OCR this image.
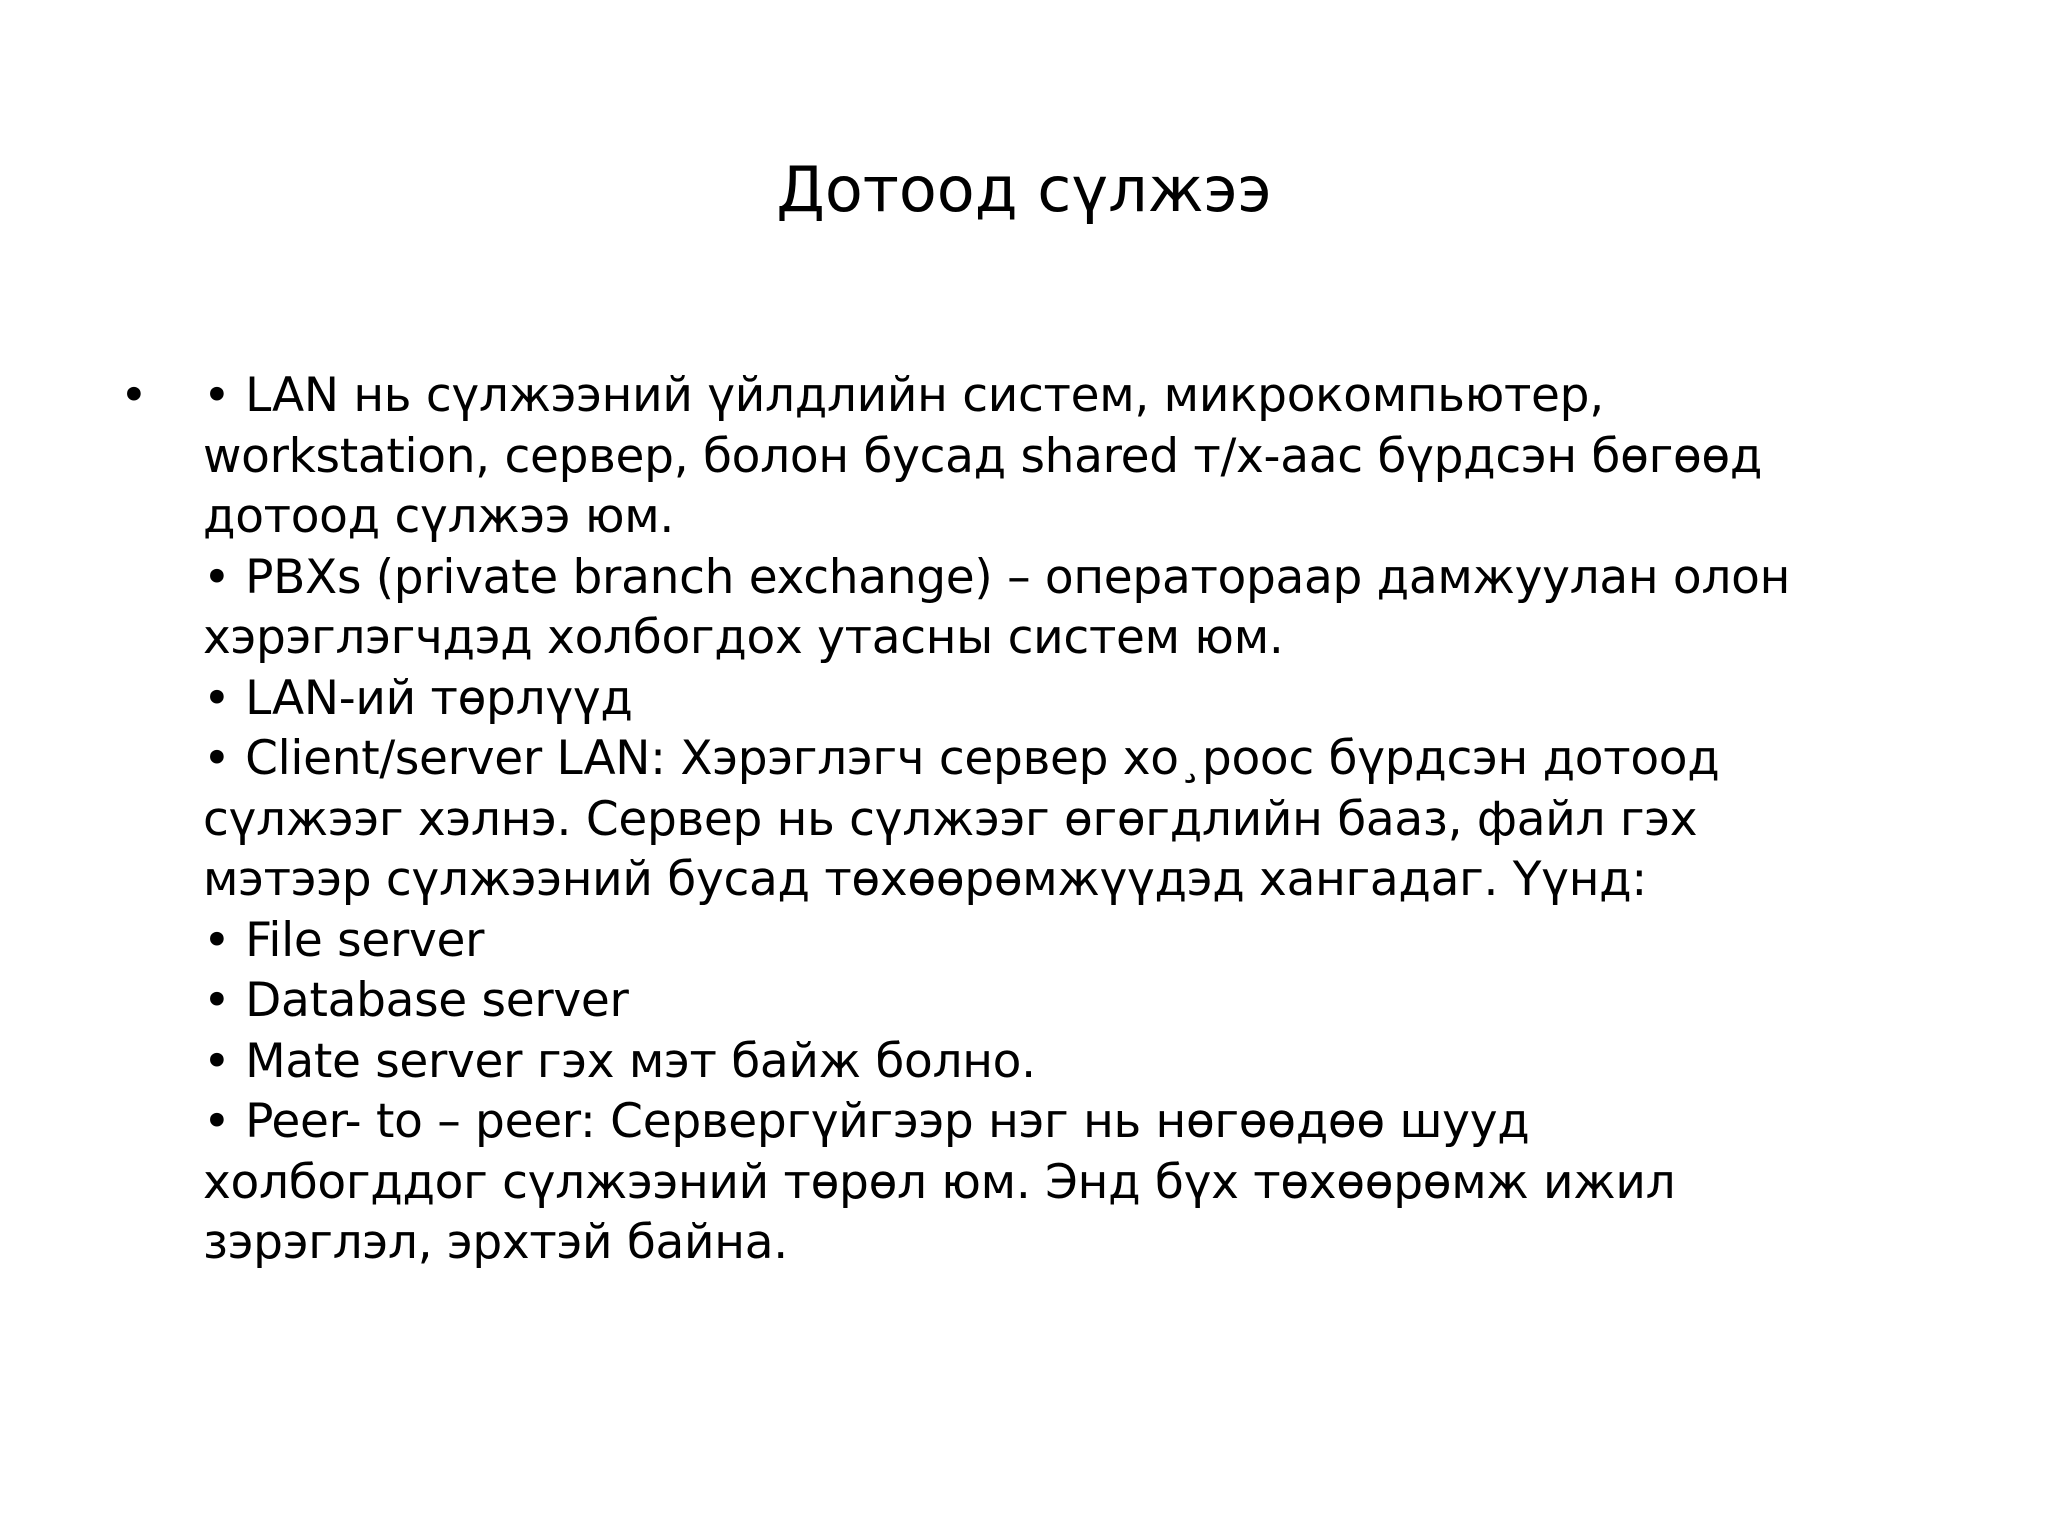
Дотоод сүлжээ
• • LAN нь сүлжээний үйлдлийн систем, микрокомпьютер,
workstation, сервер, болон бусад shared т/х-аас бүрдсэн бөгөөд
дотоод сүлжээ юм.
• PBXs (private branch exchange) – оператораар дамжуулан олон
хэрэглэгчдэд холбогдох утасны систем юм.
• LAN-ий төрлүүд
• Client/server LAN: Хэрэглэгч сервер хо¸роос бүрдсэн дотоод
сүлжээг хэлнэ. Сервер нь сүлжээг өгөгдлийн бааз, файл гэх
мэтээр сүлжээний бусад төхөөрөмжүүдэд хангадаг. Үүнд:
• File server
• Database server
• Mate server гэх мэт байж болно.
• Peer- to – peer: Сервергүйгээр нэг нь нөгөөдөө шууд
холбогддог сүлжээний төрөл юм. Энд бүх төхөөрөмж ижил
зэрэглэл, эрхтэй байна.
